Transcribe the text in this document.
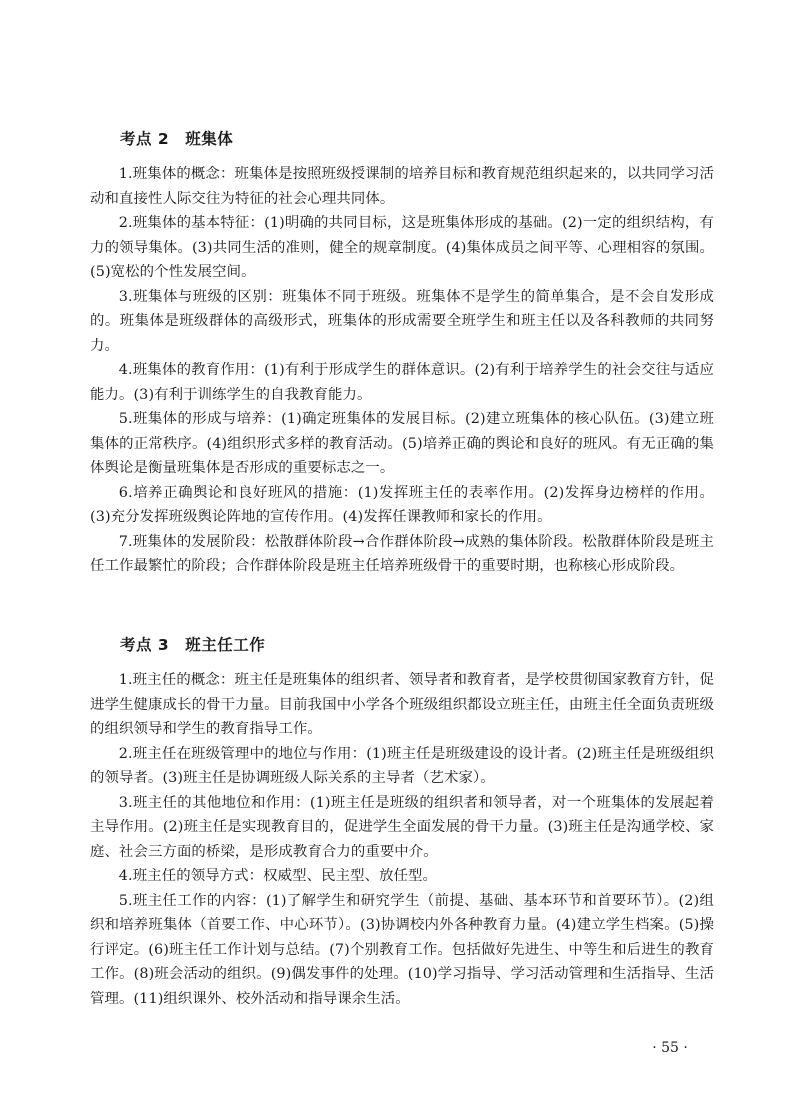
考点 2 班集体

1.班集体的概念：班集体是按照班级授课制的培养目标和教育规范组织起来的，以共同学习活动和直接性人际交往为特征的社会心理共同体。

2.班集体的基本特征：(1)明确的共同目标，这是班集体形成的基础。(2)一定的组织结构，有力的领导集体。(3)共同生活的准则，健全的规章制度。(4)集体成员之间平等、心理相容的氛围。(5)宽松的个性发展空间。

3.班集体与班级的区别：班集体不同于班级。班集体不是学生的简单集合，是不会自发形成的。班集体是班级群体的高级形式，班集体的形成需要全班学生和班主任以及各科教师的共同努力。

4.班集体的教育作用：(1)有利于形成学生的群体意识。(2)有利于培养学生的社会交往与适应能力。(3)有利于训练学生的自我教育能力。

5.班集体的形成与培养：(1)确定班集体的发展目标。(2)建立班集体的核心队伍。(3)建立班集体的正常秩序。(4)组织形式多样的教育活动。(5)培养正确的舆论和良好的班风。有无正确的集体舆论是衡量班集体是否形成的重要标志之一。

6.培养正确舆论和良好班风的措施：(1)发挥班主任的表率作用。(2)发挥身边榜样的作用。(3)充分发挥班级舆论阵地的宣传作用。(4)发挥任课教师和家长的作用。

7.班集体的发展阶段：松散群体阶段→合作群体阶段→成熟的集体阶段。松散群体阶段是班主任工作最繁忙的阶段；合作群体阶段是班主任培养班级骨干的重要时期，也称核心形成阶段。

考点 3 班主任工作

1.班主任的概念：班主任是班集体的组织者、领导者和教育者，是学校贯彻国家教育方针，促进学生健康成长的骨干力量。目前我国中小学各个班级组织都设立班主任，由班主任全面负责班级的组织领导和学生的教育指导工作。

2.班主任在班级管理中的地位与作用：(1)班主任是班级建设的设计者。(2)班主任是班级组织的领导者。(3)班主任是协调班级人际关系的主导者（艺术家）。

3.班主任的其他地位和作用：(1)班主任是班级的组织者和领导者，对一个班集体的发展起着主导作用。(2)班主任是实现教育目的，促进学生全面发展的骨干力量。(3)班主任是沟通学校、家庭、社会三方面的桥梁，是形成教育合力的重要中介。

4.班主任的领导方式：权威型、民主型、放任型。

5.班主任工作的内容：(1)了解学生和研究学生（前提、基础、基本环节和首要环节）。(2)组织和培养班集体（首要工作、中心环节）。(3)协调校内外各种教育力量。(4)建立学生档案。(5)操行评定。(6)班主任工作计划与总结。(7)个别教育工作。包括做好先进生、中等生和后进生的教育工作。(8)班会活动的组织。(9)偶发事件的处理。(10)学习指导、学习活动管理和生活指导、生活管理。(11)组织课外、校外活动和指导课余生活。

· 55 ·
